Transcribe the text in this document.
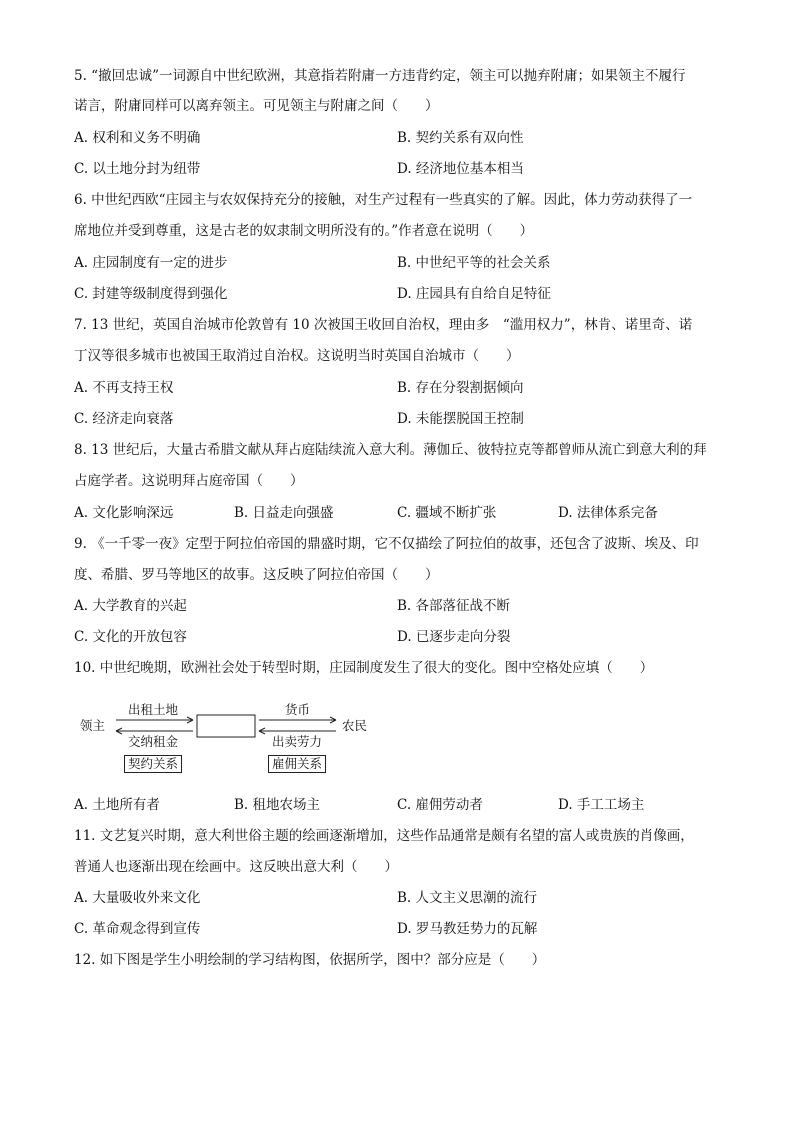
5. “撤回忠诚”一词源自中世纪欧洲，其意指若附庸一方违背约定，领主可以抛弃附庸；如果领主不履行
诺言，附庸同样可以离弃领主。可见领主与附庸之间（　　）
A. 权利和义务不明确	B. 契约关系有双向性
C. 以土地分封为纽带	D. 经济地位基本相当
6. 中世纪西欧“庄园主与农奴保持充分的接触，对生产过程有一些真实的了解。因此，体力劳动获得了一
席地位并受到尊重，这是古老的奴隶制文明所没有的。”作者意在说明（　　）
A. 庄园制度有一定的进步	B. 中世纪平等的社会关系
C. 封建等级制度得到强化	D. 庄园具有自给自足特征
7. 13 世纪，英国自治城市伦敦曾有 10 次被国王收回自治权，理由多　“滥用权力”，林肯、诺里奇、诺
丁汉等很多城市也被国王取消过自治权。这说明当时英国自治城市（　　）
A. 不再支持王权	B. 存在分裂割据倾向
C. 经济走向衰落	D. 未能摆脱国王控制
8. 13 世纪后，大量古希腊文献从拜占庭陆续流入意大利。薄伽丘、彼特拉克等都曾师从流亡到意大利的拜
占庭学者。这说明拜占庭帝国（　　）
A. 文化影响深远	B. 日益走向强盛	C. 疆域不断扩张	D. 法律体系完备
9. 《一千零一夜》定型于阿拉伯帝国的鼎盛时期，它不仅描绘了阿拉伯的故事，还包含了波斯、埃及、印
度、希腊、罗马等地区的故事。这反映了阿拉伯帝国（　　）
A. 大学教育的兴起	B. 各部落征战不断
C. 文化的开放包容	D. 已逐步走向分裂
10. 中世纪晚期，欧洲社会处于转型时期，庄园制度发生了很大的变化。图中空格处应填（　　）
领主
出租土地
交纳租金
契约关系
货币
出卖劳力
雇佣关系
农民
A. 土地所有者	B. 租地农场主	C. 雇佣劳动者	D. 手工工场主
11. 文艺复兴时期，意大利世俗主题的绘画逐渐增加，这些作品通常是颇有名望的富人或贵族的肖像画，
普通人也逐渐出现在绘画中。这反映出意大利（　　）
A. 大量吸收外来文化	B. 人文主义思潮的流行
C. 革命观念得到宣传	D. 罗马教廷势力的瓦解
12. 如下图是学生小明绘制的学习结构图，依据所学，图中？部分应是（　　）
